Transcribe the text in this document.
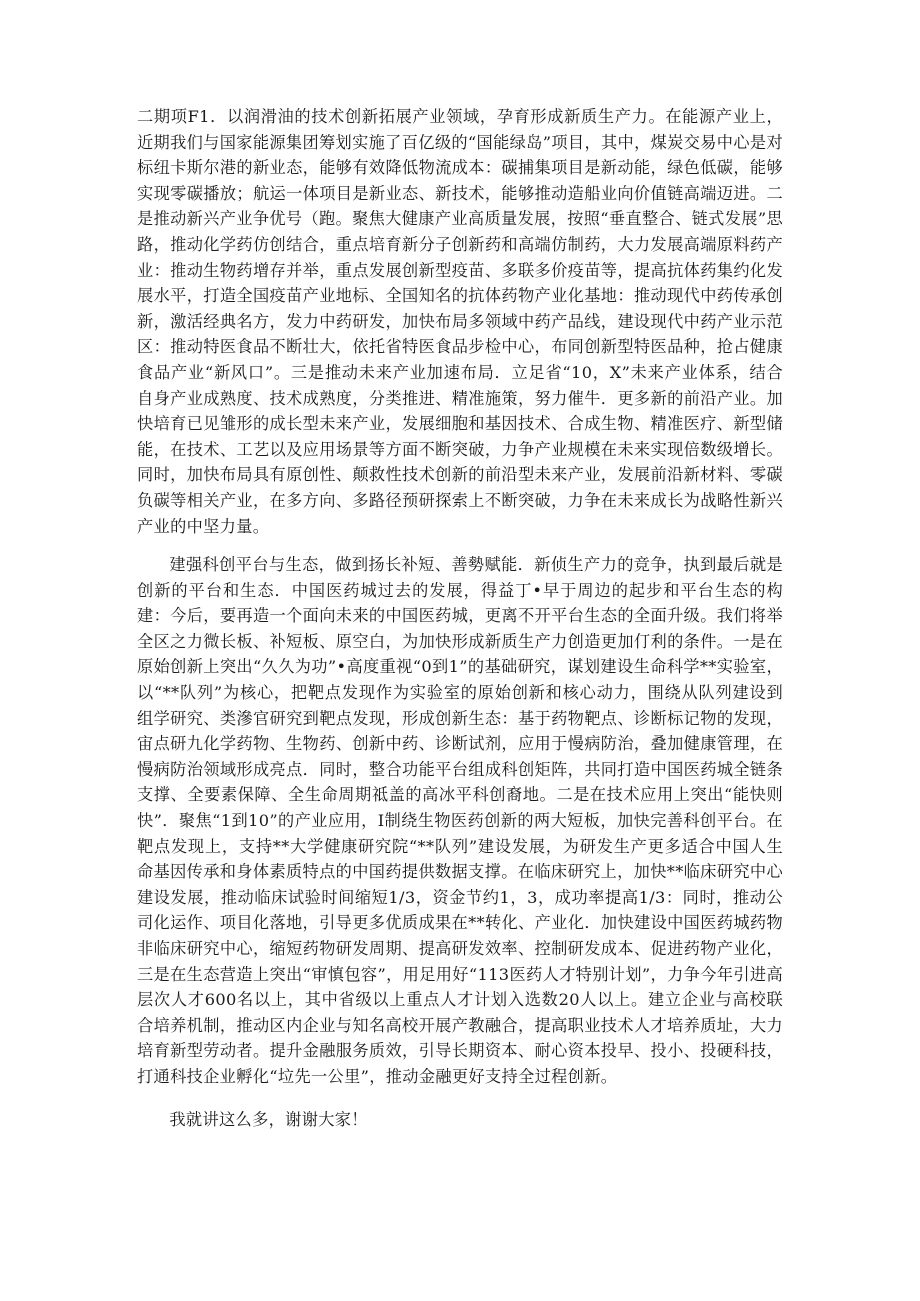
二期项F1．以润滑油的技术创新拓展产业领域，孕育形成新质生产力。在能源产业上，近期我们与国家能源集团筹划实施了百亿级的“国能绿岛”项目，其中，煤炭交易中心是对标纽卡斯尔港的新业态，能够有效降低物流成本：碳捕集项目是新动能，绿色低碳，能够实现零碳播放；航运一体项目是新业态、新技术，能够推动造船业向价值链高端迈进。二是推动新兴产业争优号（跑。聚焦大健康产业高质量发展，按照“垂直整合、链式发展”思路，推动化学药仿创结合，重点培育新分子创新药和高端仿制药，大力发展高端原料药产业：推动生物药增存并举，重点发展创新型疫苗、多联多价疫苗等，提高抗体药集约化发展水平，打造全国疫苗产业地标、全国知名的抗体药物产业化基地：推动现代中药传承创新，激活经典名方，发力中药研发，加快布局多领域中药产品线，建设现代中药产业示范区：推动特医食品不断壮大，依托省特医食品步检中心，布同创新型特医品种，抢占健康食品产业“新风口”。三是推动未来产业加速布局．立足省“10，X”未来产业体系，结合自身产业成熟度、技术成熟度，分类推进、精准施策，努力催牛．更多新的前沿产业。加快培育已见雏形的成长型未来产业，发展细胞和基因技术、合成生物、精准医疗、新型储能，在技术、工艺以及应用场景等方面不断突破，力争产业规模在未来实现倍数级增长。同时，加快布局具有原创性、颠救性技术创新的前沿型未来产业，发展前沿新材料、零碳负碳等相关产业，在多方向、多路径预研探索上不断突破，力争在未来成长为战略性新兴产业的中坚力量。

建强科创平台与生态，做到扬长补短、善勢赋能．新侦生产力的竞争，执到最后就是创新的平台和生态．中国医药城过去的发展，得益丁•早于周边的起步和平台生态的构建：今后，要再造一个面向未来的中国医药城，更离不开平台生态的全面升级。我们将举全区之力微长板、补短板、原空白，为加快形成新质生产力创造更加仃利的条件。一是在原始创新上突出“久久为功”•高度重视“0到1”的基础研究，谋划建设生命科学**实验室，以“**队列”为核心，把靶点发现作为实验室的原始创新和核心动力，围绕从队列建设到组学研究、类滲官研究到靶点发现，形成创新生态：基于药物靶点、诊断标记物的发现，宙点研九化学药物、生物药、创新中药、诊断试剂，应用于慢病防治，叠加健康管理，在慢病防治领域形成亮点．同时，整合功能平台组成科创矩阵，共同打造中国医药城全链条支撑、全要素保障、全生命周期祗盖的高冰平科创裔地。二是在技术应用上突出“能快则快”．聚焦“1到10”的产业应用，I制绕生物医药创新的两大短板，加快完善科创平台。在靶点发现上，支持**大学健康研究院“**队列”建设发展，为研发生产更多适合中国人生命基因传承和身体素质特点的中国药提供数据支撑。在临床研究上，加快**临床研究中心建设发展，推动临床试验时间缩短1/3，资金节约1，3，成功率提高1/3：同时，推动公司化运作、项目化落地，引导更多优质成果在**转化、产业化．加快建设中国医药城药物非临床研究中心，缩短药物研发周期、提高研发效率、控制研发成本、促进药物产业化，三是在生态营造上突出“审慎包容”，用足用好“113医药人才特别计划”，力争今年引进高层次人才600名以上，其中省级以上重点人才计划入选数20人以上。建立企业与高校联合培养机制，推动区内企业与知名高校开展产教融合，提高职业技术人才培养质址，大力培育新型劳动者。提升金融服务质效，引导长期资本、耐心资本投早、投小、投硬科技，打通科技企业孵化“垃先一公里”，推动金融更好支持全过程创新。

我就讲这么多，谢谢大家！
